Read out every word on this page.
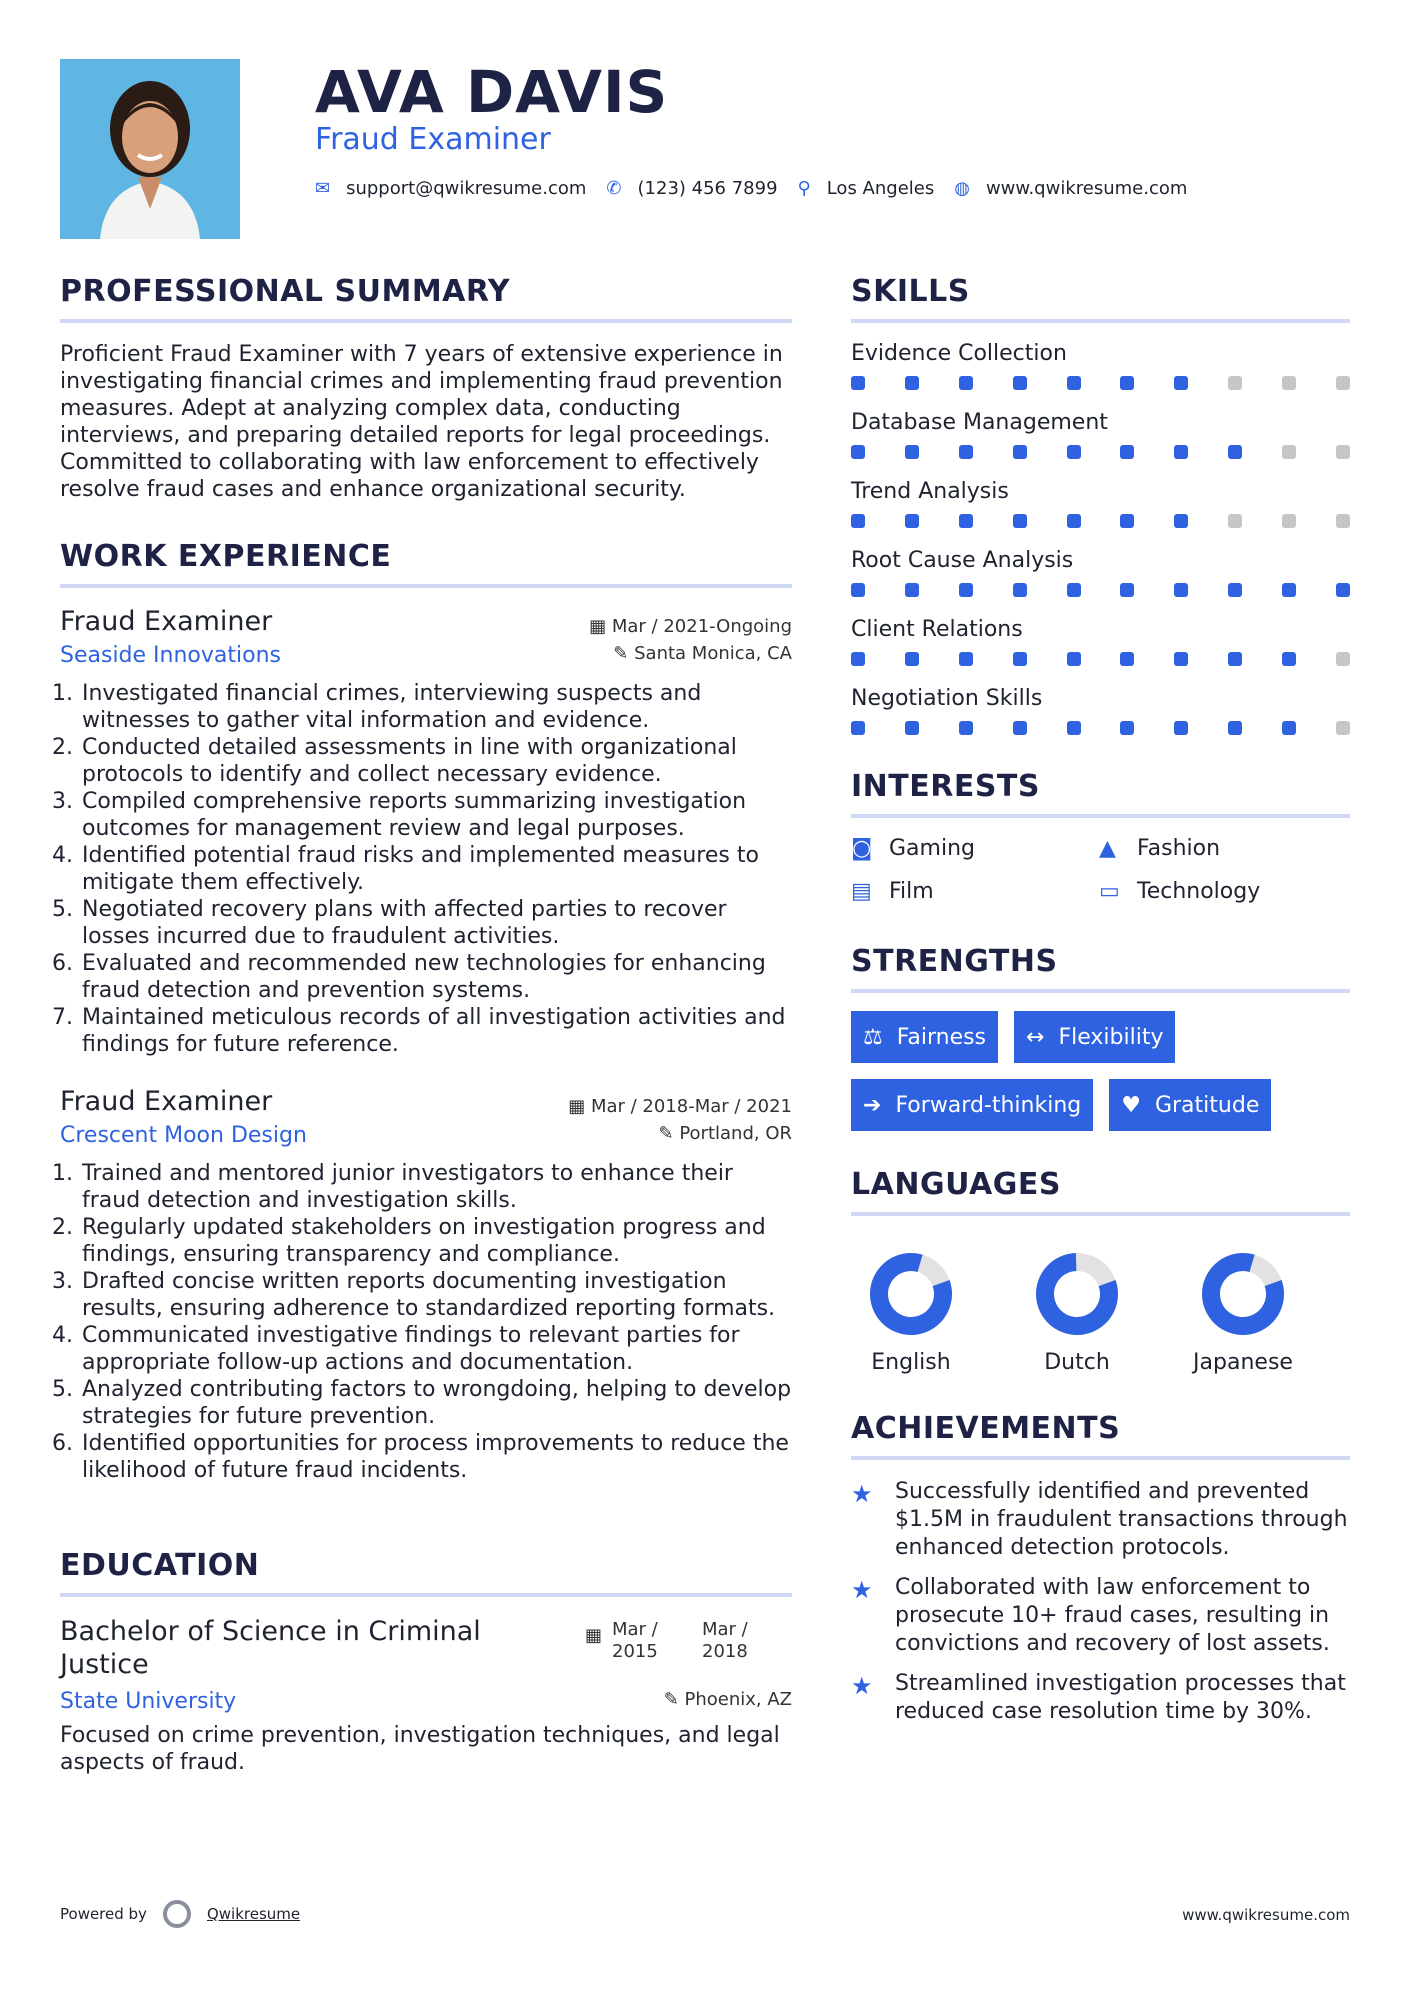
AVA DAVIS
Fraud Examiner
✉ support@qwikresume.com ✆ (123) 456 7899 ⚲ Los Angeles ◍ www.qwikresume.com
PROFESSIONAL SUMMARY

Proficient Fraud Examiner with 7 years of extensive experience in investigating financial crimes and implementing fraud prevention measures. Adept at analyzing complex data, conducting interviews, and preparing detailed reports for legal proceedings. Committed to collaborating with law enforcement to effectively resolve fraud cases and enhance organizational security.

WORK EXPERIENCE
Fraud Examiner	▦ Mar / 2021-Ongoing
Seaside Innovations	✎ Santa Monica, CA
1. Investigated financial crimes, interviewing suspects and witnesses to gather vital information and evidence.
2. Conducted detailed assessments in line with organizational protocols to identify and collect necessary evidence.
3. Compiled comprehensive reports summarizing investigation outcomes for management review and legal purposes.
4. Identified potential fraud risks and implemented measures to mitigate them effectively.
5. Negotiated recovery plans with affected parties to recover losses incurred due to fraudulent activities.
6. Evaluated and recommended new technologies for enhancing fraud detection and prevention systems.
7. Maintained meticulous records of all investigation activities and findings for future reference.
Fraud Examiner	▦ Mar / 2018-Mar / 2021
Crescent Moon Design	✎ Portland, OR
1. Trained and mentored junior investigators to enhance their fraud detection and investigation skills.
2. Regularly updated stakeholders on investigation progress and findings, ensuring transparency and compliance.
3. Drafted concise written reports documenting investigation results, ensuring adherence to standardized reporting formats.
4. Communicated investigative findings to relevant parties for appropriate follow-up actions and documentation.
5. Analyzed contributing factors to wrongdoing, helping to develop strategies for future prevention.
6. Identified opportunities for process improvements to reduce the likelihood of future fraud incidents.
EDUCATION
Bachelor of Science in Criminal Justice
▦ Mar /
2015
Mar /
2018
State University	✎ Phoenix, AZ

Focused on crime prevention, investigation techniques, and legal aspects of fraud.

SKILLS
Evidence Collection
Database Management
Trend Analysis
Root Cause Analysis
Client Relations
Negotiation Skills
INTERESTS
◙ Gaming	▲ Fashion
▤ Film	▭ Technology
STRENGTHS
⚖ Fairness ↔ Flexibility
➔ Forward-thinking ♥ Gratitude
LANGUAGES
English	Dutch	Japanese
ACHIEVEMENTS
★	Successfully identified and prevented $1.5M in fraudulent transactions through enhanced detection protocols.
★	Collaborated with law enforcement to prosecute 10+ fraud cases, resulting in convictions and recovery of lost assets.
★	Streamlined investigation processes that reduced case resolution time by 30%.
Powered by	Qwikresume	www.qwikresume.com
